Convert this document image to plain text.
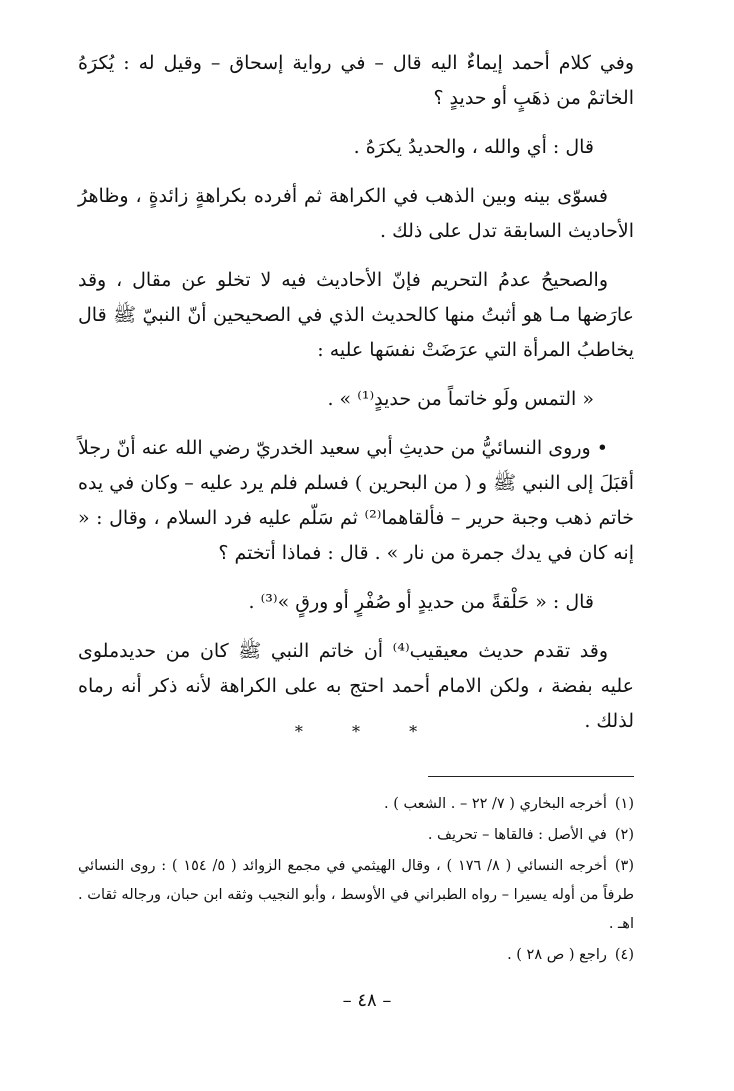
وفي كلام أحمد إيماءٌ اليه قال – في رواية إسحاق – وقيل له : يُكرَهُ الخاتمْ من ذهَبٍ أو حديدٍ ؟

قال : أي والله ، والحديدُ يكرَهُ .

فسوّى بينه وبين الذهب في الكراهة ثم أفرده بكراهةٍ زائدةٍ ، وظاهرُ الأحاديث السابقة تدل على ذلك .

والصحيحُ عدمُ التحريم فإنّ الأحاديث فيه لا تخلو عن مقال ، وقد عارَضها مـا هو أثبتُ منها كالحديث الذي في الصحيحين أنّ النبيّ ﷺ قال يخاطبُ المرأة التي عرَضَتْ نفسَها عليه :

« التمس ولَو خاتماً من حديدٍ⁽¹⁾ » .

• وروى النسائيُّ من حديثِ أبي سعيد الخدريّ رضي الله عنه أنّ رجلاً أقبَلَ إلى النبي ﷺ و ( من البحرين ) فسلم فلم يرد عليه – وكان في يده خاتم ذهب وجبة حرير – فألقاهما⁽²⁾ ثم سَلّم عليه فرد السلام ، وقال : « إنه كان في يدك جمرة من نار » . قال : فماذا أتختم ؟

قال : « حَلْقةً من حديدٍ أو صُفْرٍ أو ورقٍ »⁽³⁾ .

وقد تقدم حديث معيقيب⁽⁴⁾ أن خاتم النبي ﷺ كان من حديدملوى عليه بفضة ، ولكن الامام أحمد احتج به على الكراهة لأنه ذكر أنه رماه لذلك .

* * *
(١)أخرجه البخاري ( ٧/ ٢٢ – . الشعب ) .
(٢)في الأصل : فالقاها – تحريف .
(٣)أخرجه النسائي ( ٨/ ١٧٦ ) ، وقال الهيثمي في مجمع الزوائد ( ٥/ ١٥٤ ) : روى النسائي طرفاً من أوله يسيرا – رواه الطبراني في الأوسط ، وأبو النجيب وثقه ابن حبان، ورجاله ثقات . اهـ .
(٤)راجع ( ص ٢٨ ) .
– ٤٨ –
